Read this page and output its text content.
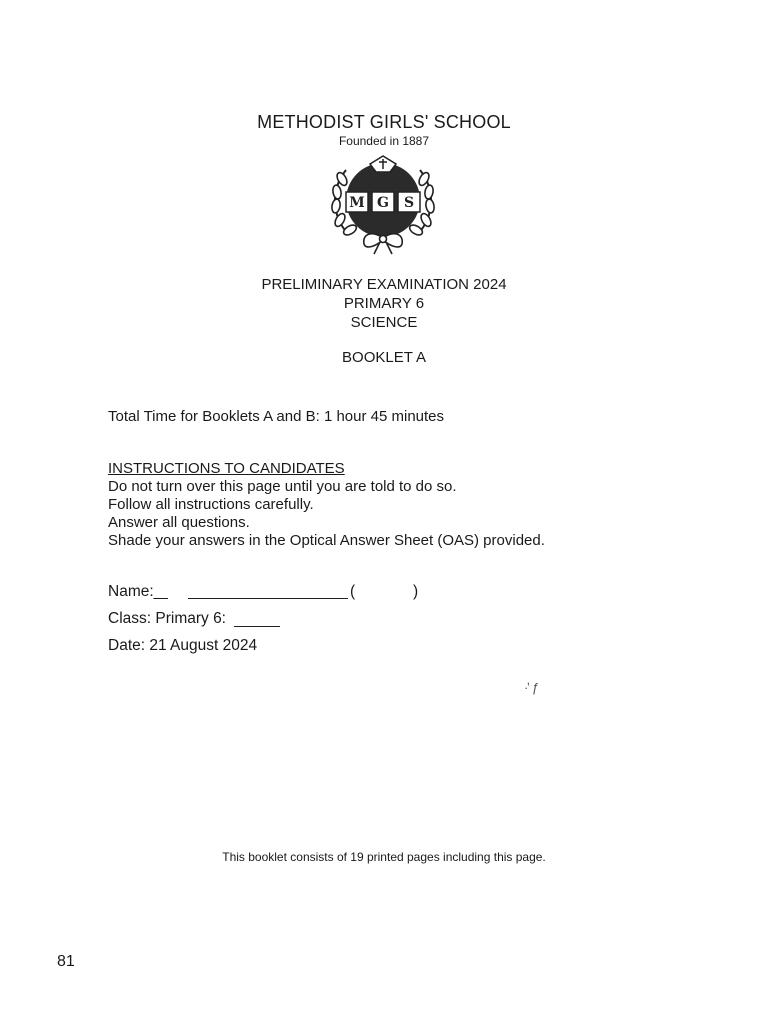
METHODIST GIRLS' SCHOOL
Founded in 1887
M G S
PRELIMINARY EXAMINATION 2024
PRIMARY 6
SCIENCE
BOOKLET A
Total Time for Booklets A and B: 1 hour 45 minutes
INSTRUCTIONS TO CANDIDATES
Do not turn over this page until you are told to do so.
Follow all instructions carefully.
Answer all questions.
Shade your answers in the Optical Answer Sheet (OAS) provided.
Name:_	(	)
Class: Primary 6:
Date: 21 August 2024
·̓ ƒ
This booklet consists of 19 printed pages including this page.
81
